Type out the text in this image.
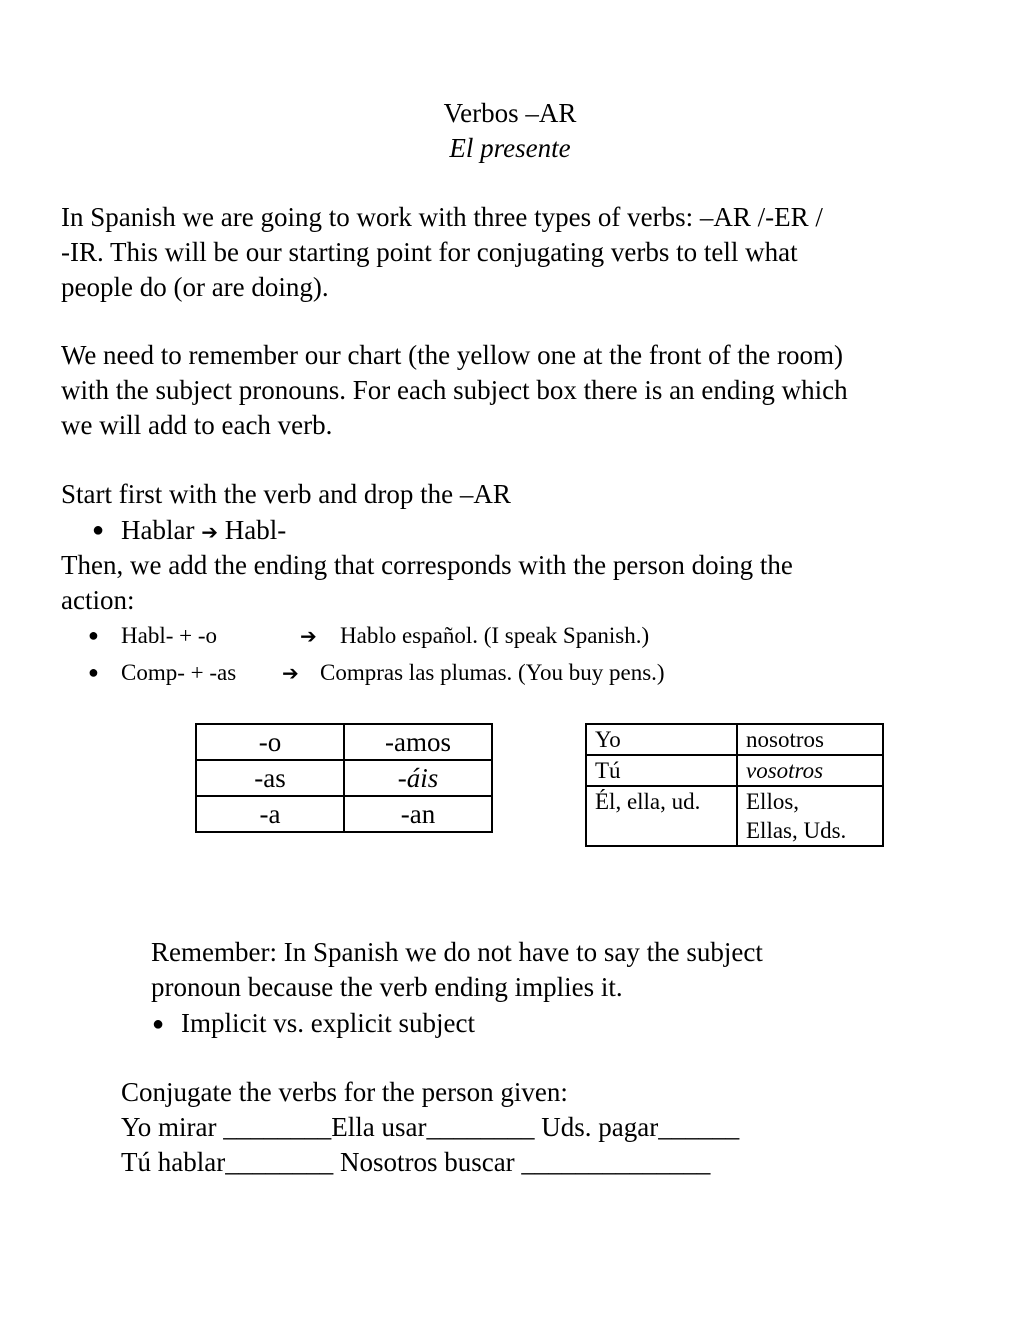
Verbos –AR
El presente
In Spanish we are going to work with three types of verbs: –AR /-ER /
-IR. This will be our starting point for conjugating verbs to tell what
people do (or are doing).
We need to remember our chart (the yellow one at the front of the room)
with the subject pronouns. For each subject box there is an ending which
we will add to each verb.
Start first with the verb and drop the –AR
● Hablar ➔ Habl-
Then, we add the ending that corresponds with the person doing the
action:
● Habl- + -o	➔ Hablo español. (I speak Spanish.)
● Comp- + -as ➔ Compras las plumas. (You buy pens.)
-o	-amos
-as	-áis
-a	-an
Yo	nosotros
Tú	vosotros
Él, ella, ud.	Ellos,
Ellas, Uds.
Remember: In Spanish we do not have to say the subject
pronoun because the verb ending implies it.
● Implicit vs. explicit subject
Conjugate the verbs for the person given:
Yo mirar ________Ella usar________ Uds. pagar______
Tú hablar________ Nosotros buscar ______________
